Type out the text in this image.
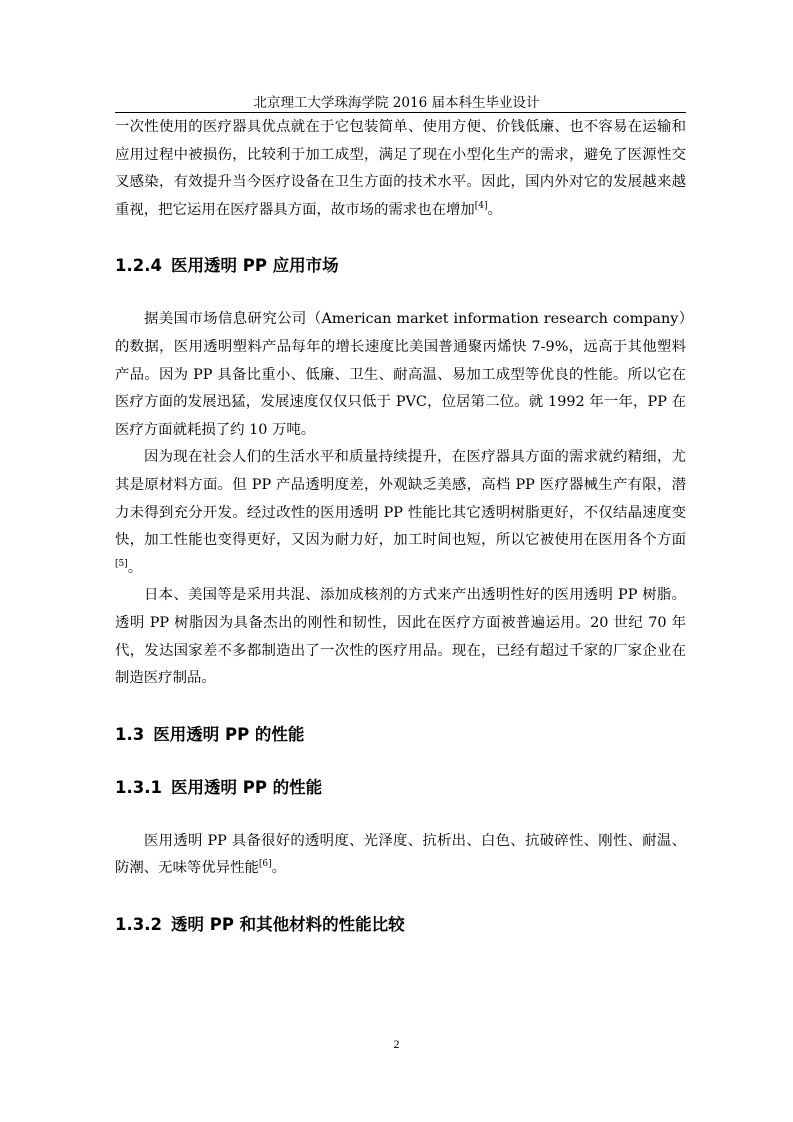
北京理工大学珠海学院 2016 届本科生毕业设计

一次性使用的医疗器具优点就在于它包装简单、使用方便、价钱低廉、也不容易在运输和应用过程中被损伤，比较利于加工成型，满足了现在小型化生产的需求，避免了医源性交叉感染，有效提升当今医疗设备在卫生方面的技术水平。因此，国内外对它的发展越来越重视，把它运用在医疗器具方面，故市场的需求也在增加[4]。

1.2.4 医用透明 PP 应用市场

据美国市场信息研究公司（American market information research company）的数据，医用透明塑料产品每年的增长速度比美国普通聚丙烯快 7-9%，远高于其他塑料产品。因为 PP 具备比重小、低廉、卫生、耐高温、易加工成型等优良的性能。所以它在医疗方面的发展迅猛，发展速度仅仅只低于 PVC，位居第二位。就 1992 年一年，PP 在医疗方面就耗损了约 10 万吨。

因为现在社会人们的生活水平和质量持续提升，在医疗器具方面的需求就约精细，尤其是原材料方面。但 PP 产品透明度差，外观缺乏美感，高档 PP 医疗器械生产有限，潜力未得到充分开发。经过改性的医用透明 PP 性能比其它透明树脂更好，不仅结晶速度变快，加工性能也变得更好，又因为耐力好，加工时间也短，所以它被使用在医用各个方面[5]。

日本、美国等是采用共混、添加成核剂的方式来产出透明性好的医用透明 PP 树脂。透明 PP 树脂因为具备杰出的刚性和韧性，因此在医疗方面被普遍运用。20 世纪 70 年代，发达国家差不多都制造出了一次性的医疗用品。现在，已经有超过千家的厂家企业在制造医疗制品。

1.3 医用透明 PP 的性能
1.3.1 医用透明 PP 的性能

医用透明 PP 具备很好的透明度、光泽度、抗析出、白色、抗破碎性、刚性、耐温、防潮、无味等优异性能[6]。

1.3.2 透明 PP 和其他材料的性能比较
2
